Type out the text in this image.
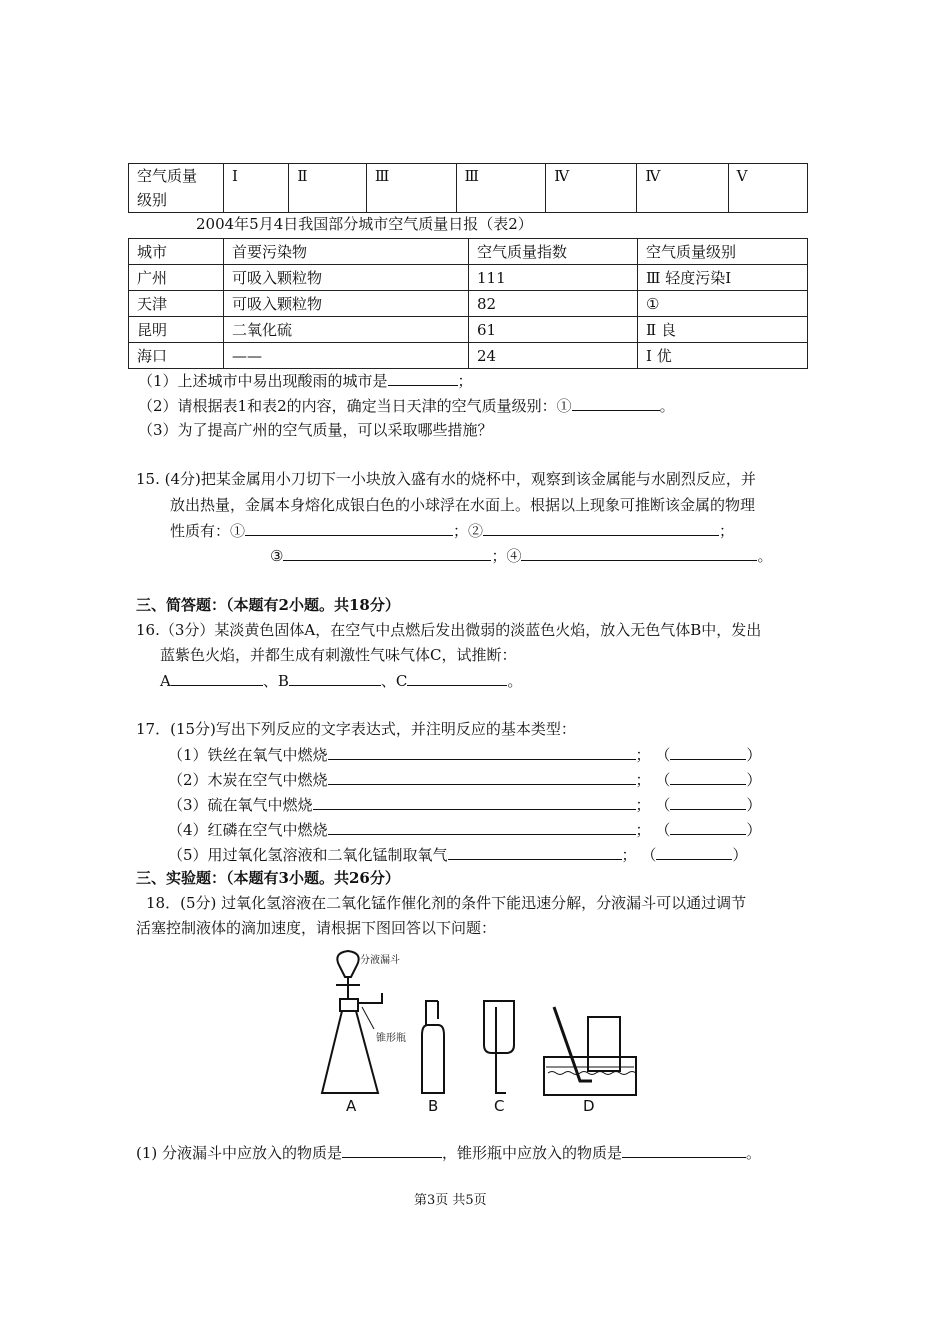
空气质量
级别	I	Ⅱ	Ⅲ	Ⅲ	Ⅳ	Ⅳ	Ⅴ
2004年5月4日我国部分城市空气质量日报（表2）
城市	首要污染物	空气质量指数	空气质量级别
广州	可吸入颗粒物	111	Ⅲ 轻度污染Ⅰ
天津	可吸入颗粒物	82	①
昆明	二氧化硫	61	Ⅱ 良
海口	——	24	Ⅰ 优
（1）上述城市中易出现酸雨的城市是	；
（2）请根据表1和表2的内容，确定当日天津的空气质量级别：①	。
（3）为了提高广州的空气质量，可以采取哪些措施？
15. (4分)把某金属用小刀切下一小块放入盛有水的烧杯中，观察到该金属能与水剧烈反应，并
放出热量，金属本身熔化成银白色的小球浮在水面上。根据以上现象可推断该金属的物理
性质有：①	；②	；
③	；④	。
三、简答题：（本题有2小题。共18分）
16.（3分）某淡黄色固体A，在空气中点燃后发出微弱的淡蓝色火焰，放入无色气体B中，发出
蓝紫色火焰，并都生成有刺激性气味气体C，试推断：
A	、B	、C	。
17．(15分)写出下列反应的文字表达式，并注明反应的基本类型：
（1）铁丝在氧气中燃烧	； （	）
（2）木炭在空气中燃烧	； （	）
（3）硫在氧气中燃烧	； （	）
（4）红磷在空气中燃烧	； （	）
（5）用过氧化氢溶液和二氧化锰制取氧气	； （	）
三、实验题：（本题有3小题。共26分）
18．(5分) 过氧化氢溶液在二氧化锰作催化剂的条件下能迅速分解，分液漏斗可以通过调节
活塞控制液体的滴加速度，请根据下图回答以下问题：
分液漏斗
锥形瓶
A	B	C	D
(1) 分液漏斗中应放入的物质是	，锥形瓶中应放入的物质是	。
第3页 共5页
